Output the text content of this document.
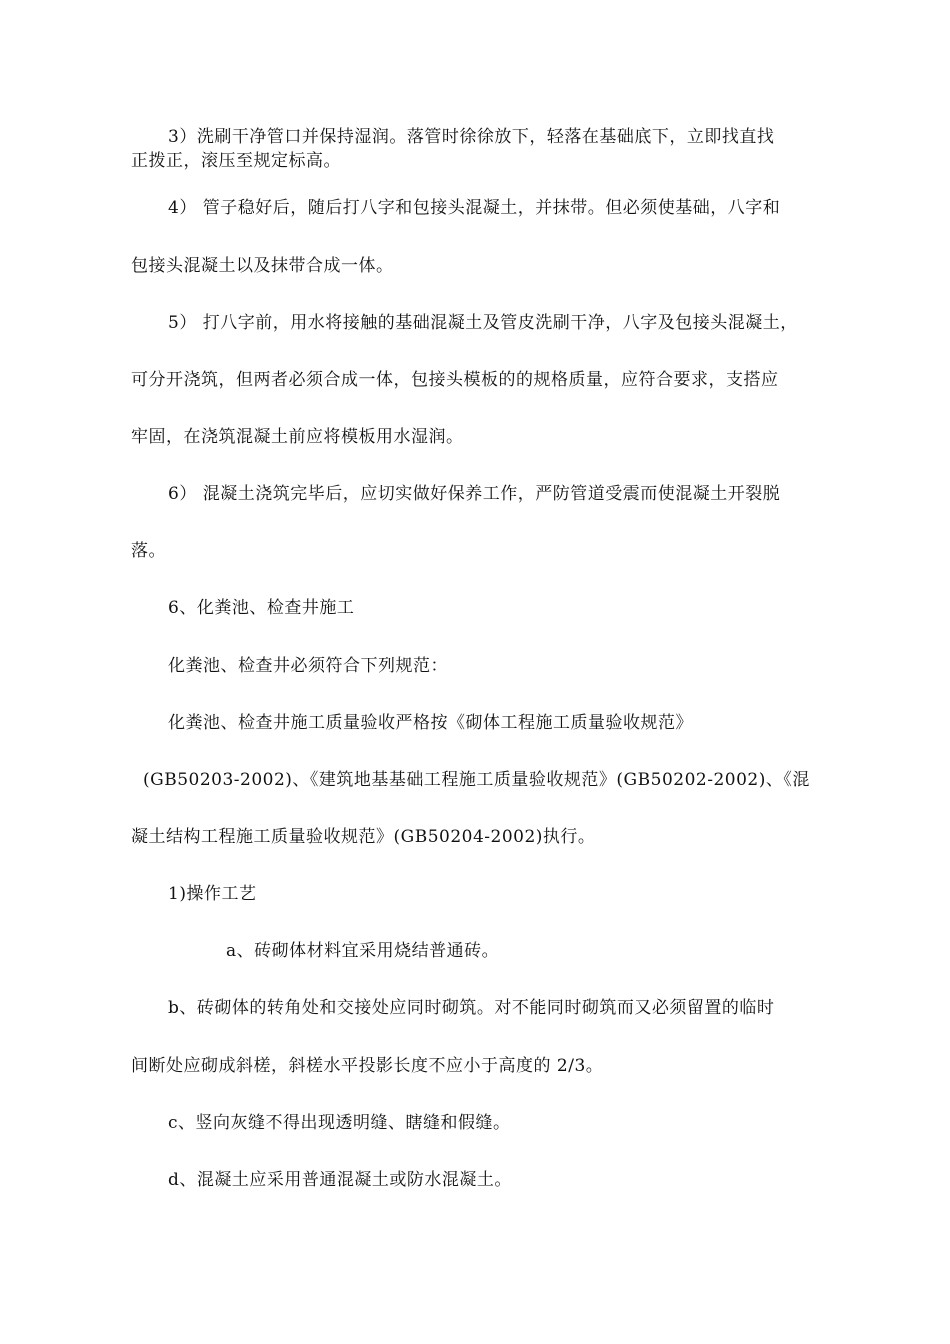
3）洗刷干净管口并保持湿润。落管时徐徐放下，轻落在基础底下，立即找直找
正拨正，滚压至规定标高。
4） 管子稳好后，随后打八字和包接头混凝土，并抹带。但必须使基础，八字和
包接头混凝土以及抹带合成一体。
5） 打八字前，用水将接触的基础混凝土及管皮洗刷干净，八字及包接头混凝土，
可分开浇筑，但两者必须合成一体，包接头模板的的规格质量，应符合要求，支搭应
牢固，在浇筑混凝土前应将模板用水湿润。
6） 混凝土浇筑完毕后，应切实做好保养工作，严防管道受震而使混凝土开裂脱
落。
6、化粪池、检查井施工
化粪池、检查井必须符合下列规范：
化粪池、检查井施工质量验收严格按《砌体工程施工质量验收规范》
(GB50203-2002)、《建筑地基基础工程施工质量验收规范》(GB50202-2002)、《混
凝土结构工程施工质量验收规范》(GB50204-2002)执行。
1)操作工艺
a、砖砌体材料宜采用烧结普通砖。
b、砖砌体的转角处和交接处应同时砌筑。对不能同时砌筑而又必须留置的临时
间断处应砌成斜槎，斜槎水平投影长度不应小于高度的 2/3。
c、竖向灰缝不得出现透明缝、瞎缝和假缝。
d、混凝土应采用普通混凝土或防水混凝土。
